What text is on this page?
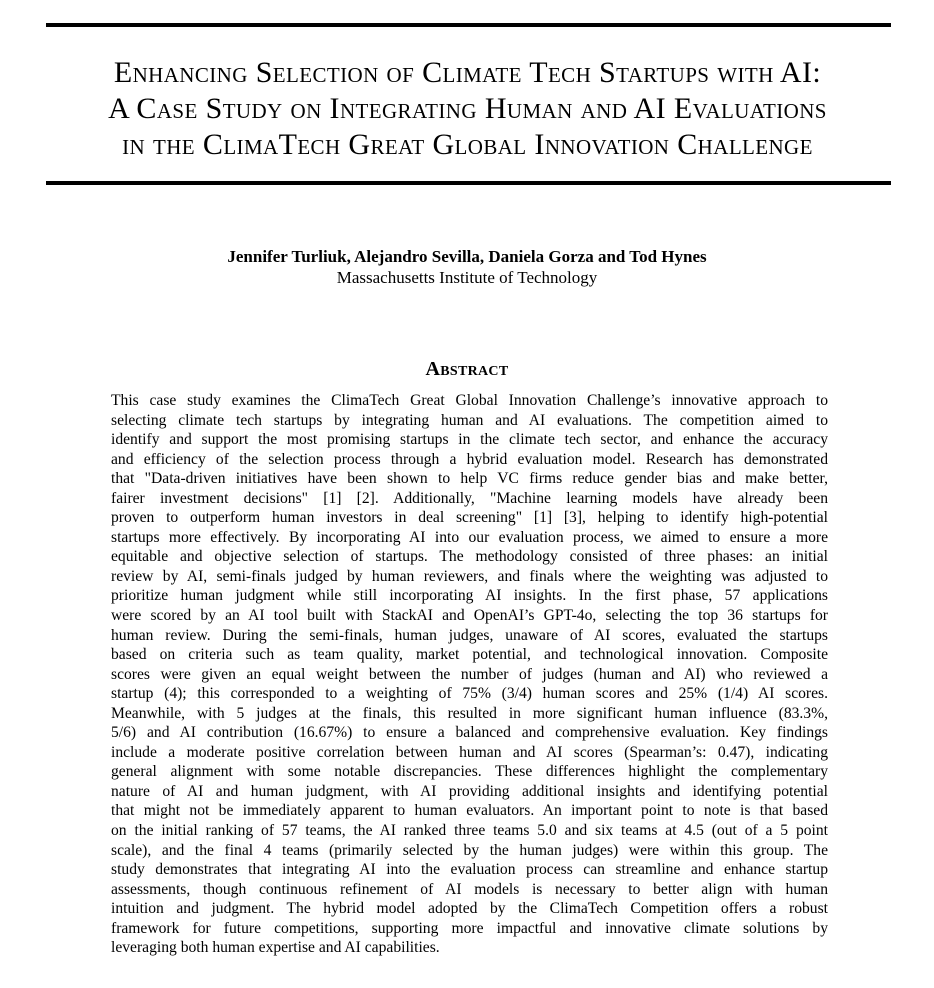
Enhancing Selection of Climate Tech Startups with AI:
A Case Study on Integrating Human and AI Evaluations
in the ClimaTech Great Global Innovation Challenge
Jennifer Turliuk, Alejandro Sevilla, Daniela Gorza and Tod Hynes
Massachusetts Institute of Technology
Abstract
This case study examines the ClimaTech Great Global Innovation Challenge’s innovative approach to
selecting climate tech startups by integrating human and AI evaluations. The competition aimed to
identify and support the most promising startups in the climate tech sector, and enhance the accuracy
and efficiency of the selection process through a hybrid evaluation model. Research has demonstrated
that "Data-driven initiatives have been shown to help VC firms reduce gender bias and make better,
fairer investment decisions" [1] [2]. Additionally, "Machine learning models have already been
proven to outperform human investors in deal screening" [1] [3], helping to identify high-potential
startups more effectively. By incorporating AI into our evaluation process, we aimed to ensure a more
equitable and objective selection of startups. The methodology consisted of three phases: an initial
review by AI, semi-finals judged by human reviewers, and finals where the weighting was adjusted to
prioritize human judgment while still incorporating AI insights. In the first phase, 57 applications
were scored by an AI tool built with StackAI and OpenAI’s GPT-4o, selecting the top 36 startups for
human review. During the semi-finals, human judges, unaware of AI scores, evaluated the startups
based on criteria such as team quality, market potential, and technological innovation. Composite
scores were given an equal weight between the number of judges (human and AI) who reviewed a
startup (4); this corresponded to a weighting of 75% (3/4) human scores and 25% (1/4) AI scores.
Meanwhile, with 5 judges at the finals, this resulted in more significant human influence (83.3%,
5/6) and AI contribution (16.67%) to ensure a balanced and comprehensive evaluation. Key findings
include a moderate positive correlation between human and AI scores (Spearman’s: 0.47), indicating
general alignment with some notable discrepancies. These differences highlight the complementary
nature of AI and human judgment, with AI providing additional insights and identifying potential
that might not be immediately apparent to human evaluators. An important point to note is that based
on the initial ranking of 57 teams, the AI ranked three teams 5.0 and six teams at 4.5 (out of a 5 point
scale), and the final 4 teams (primarily selected by the human judges) were within this group. The
study demonstrates that integrating AI into the evaluation process can streamline and enhance startup
assessments, though continuous refinement of AI models is necessary to better align with human
intuition and judgment. The hybrid model adopted by the ClimaTech Competition offers a robust
framework for future competitions, supporting more impactful and innovative climate solutions by
leveraging both human expertise and AI capabilities.
